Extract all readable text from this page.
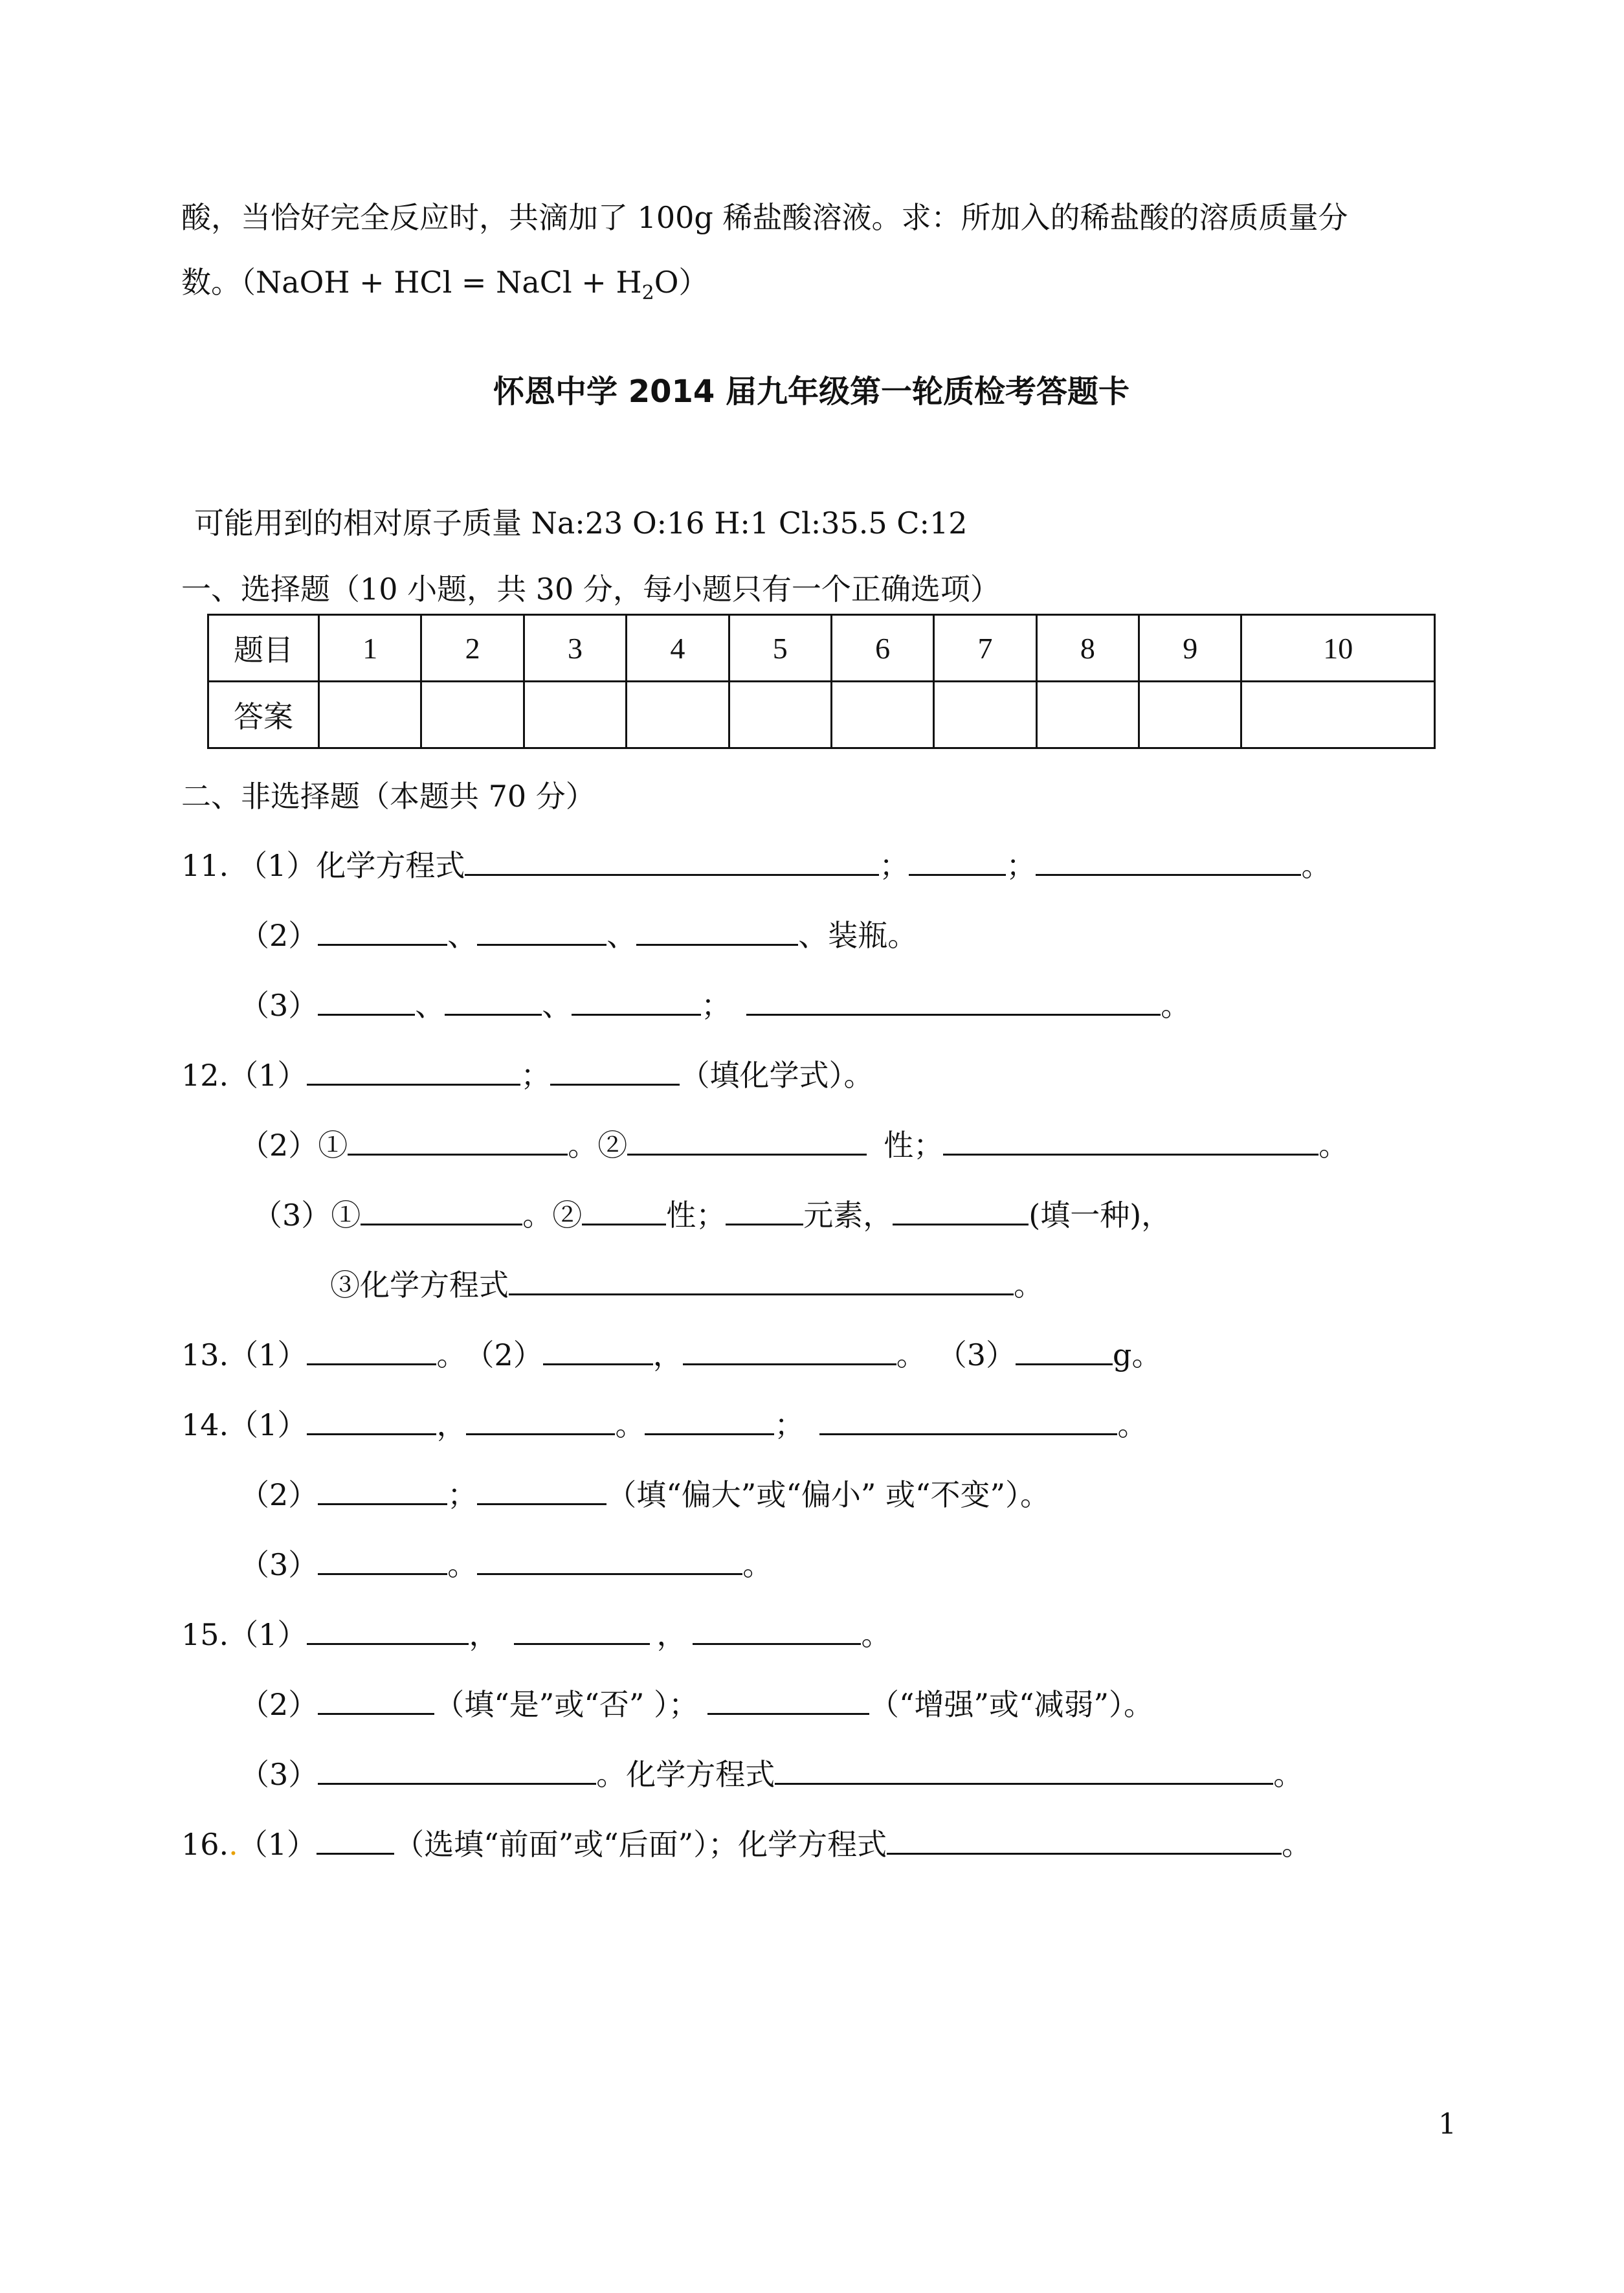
酸，当恰好完全反应时，共滴加了 100g 稀盐酸溶液。求：所加入的稀盐酸的溶质质量分
数。（NaOH + HCl = NaCl + $H_2O$）
怀恩中学 2014 届九年级第一轮质检考答题卡
可能用到的相对原子质量 Na:23 O:16 H:1 Cl:35.5 C:12
一、选择题（10 小题，共 30 分，每小题只有一个正确选项）
题目	1	2	3	4	5	6	7	8	9	10
答案										
二、非选择题（本题共 70 分）
11. （1）化学方程式	；	；	。
（2）	、	、	、装瓶。
（3）	、	、	；	。
12.（1）	；	（填化学式）。
（2）①	。②	性；	。
（3）①	。②	性；	元素，	(填一种)，
③化学方程式	。
13.（1）	。 （2）	，	。 （3）	g。
14.（1）	，	。	；	。
（2）	；	（填“偏大”或“偏小” 或“不变”）。
（3）	。	。
15.（1）	，	，	。
（2）	（填“是”或“否” ）；	（“增强”或“减弱”）。
（3）	。化学方程式	。
16..（1）	（选填“前面”或“后面”）；化学方程式	。
1
